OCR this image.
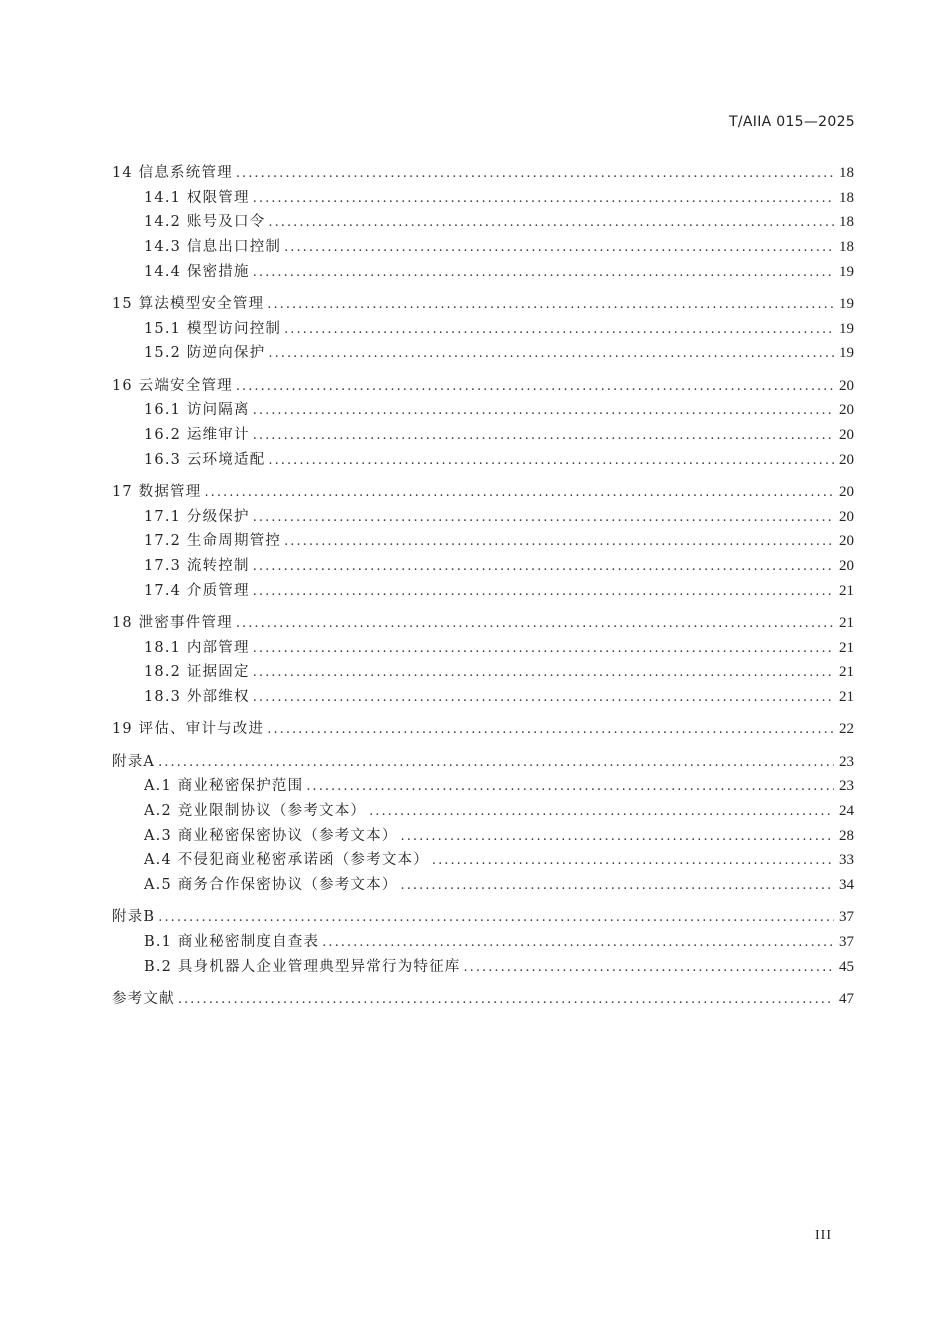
T/AIIA 015—2025
14 信息系统管理 .....	18
14.1 权限管理 .....	18
14.2 账号及口令 .....	18
14.3 信息出口控制 .....	18
14.4 保密措施 .....	19
15 算法模型安全管理 .....	19
15.1 模型访问控制 .....	19
15.2 防逆向保护 .....	19
16 云端安全管理 .....	20
16.1 访问隔离 .....	20
16.2 运维审计 .....	20
16.3 云环境适配 .....	20
17 数据管理 .....	20
17.1 分级保护 .....	20
17.2 生命周期管控 .....	20
17.3 流转控制 .....	20
17.4 介质管理 .....	21
18 泄密事件管理 .....	21
18.1 内部管理 .....	21
18.2 证据固定 .....	21
18.3 外部维权 .....	21
19 评估、审计与改进 .....	22
附录A .....	23
A.1 商业秘密保护范围 .....	23
A.2 竞业限制协议（参考文本） .....	24
A.3 商业秘密保密协议（参考文本） .....	28
A.4 不侵犯商业秘密承诺函（参考文本） .....	33
A.5 商务合作保密协议（参考文本） .....	34
附录B .....	37
B.1 商业秘密制度自查表 .....	37
B.2 具身机器人企业管理典型异常行为特征库 .....	45
参考文献 .....	47
III
